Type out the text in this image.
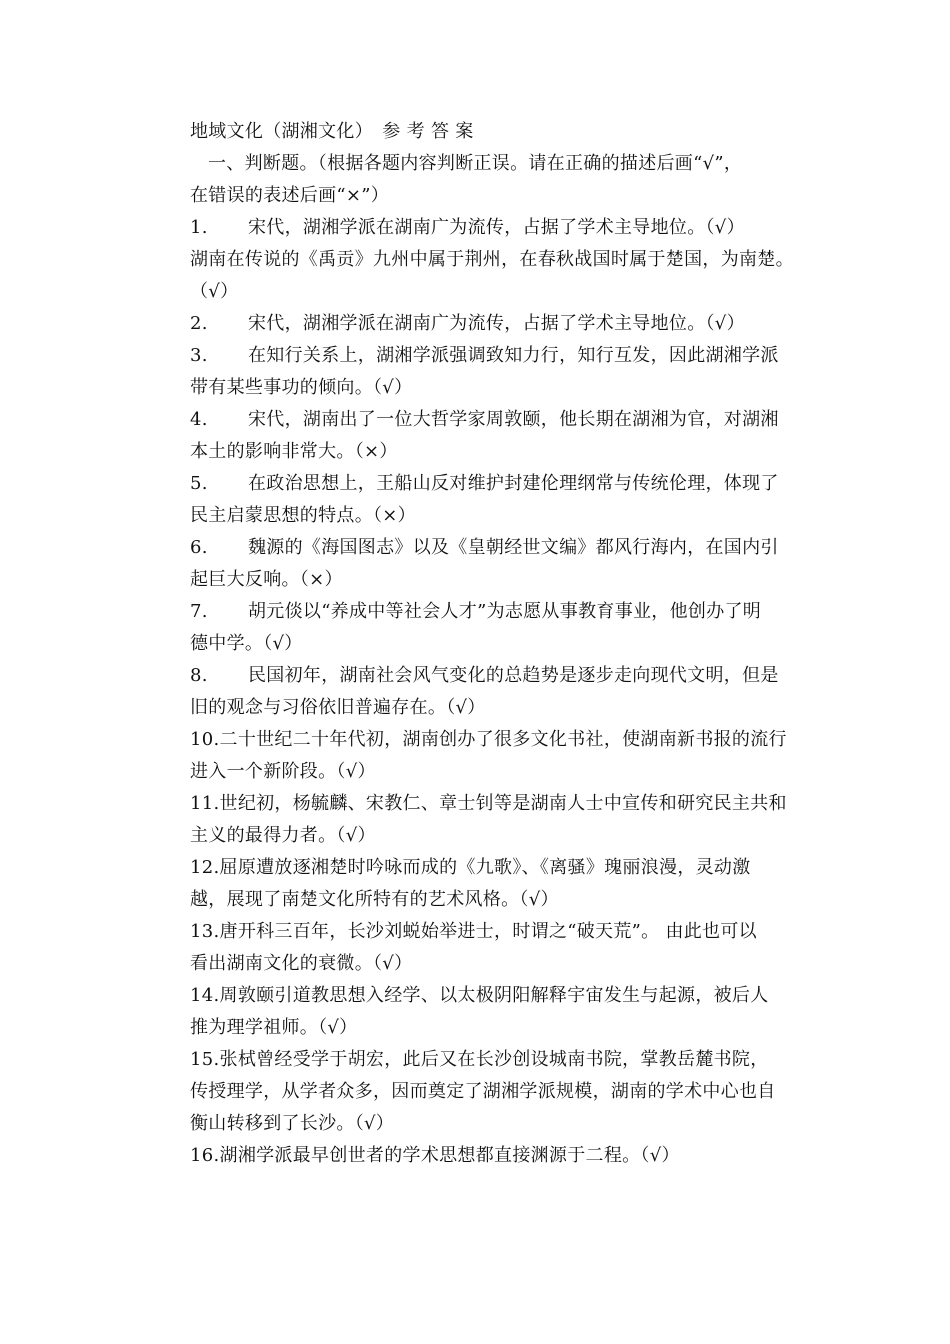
地域文化（湖湘文化）　参 考 答 案
一、判断题。（根据各题内容判断正误。请在正确的描述后画“√”，
在错误的表述后画“×”）
1. 宋代，湖湘学派在湖南广为流传，占据了学术主导地位。（√）
湖南在传说的《禹贡》九州中属于荆州，在春秋战国时属于楚国，为南楚。
（√）
2. 宋代，湖湘学派在湖南广为流传，占据了学术主导地位。（√）
3. 在知行关系上，湖湘学派强调致知力行，知行互发，因此湖湘学派
带有某些事功的倾向。（√）
4. 宋代，湖南出了一位大哲学家周敦颐，他长期在湖湘为官，对湖湘
本土的影响非常大。（×）
5. 在政治思想上，王船山反对维护封建伦理纲常与传统伦理，体现了
民主启蒙思想的特点。（×）
6. 魏源的《海国图志》以及《皇朝经世文编》都风行海内，在国内引
起巨大反响。（×）
7. 胡元倓以“养成中等社会人才”为志愿从事教育事业，他创办了明
德中学。（√）
8. 民国初年，湖南社会风气变化的总趋势是逐步走向现代文明，但是
旧的观念与习俗依旧普遍存在。（√）
10.二十世纪二十年代初，湖南创办了很多文化书社，使湖南新书报的流行
进入一个新阶段。（√）
11.世纪初，杨毓麟、宋教仁、章士钊等是湖南人士中宣传和研究民主共和
主义的最得力者。（√）
12.屈原遭放逐湘楚时吟咏而成的《九歌》、《离骚》瑰丽浪漫，灵动激
越，展现了南楚文化所特有的艺术风格。（√）
13.唐开科三百年，长沙刘蜕始举进士，时谓之“破天荒”。 由此也可以
看出湖南文化的衰微。（√）
14.周敦颐引道教思想入经学、以太极阴阳解释宇宙发生与起源，被后人
推为理学祖师。（√）
15.张栻曾经受学于胡宏，此后又在长沙创设城南书院，掌教岳麓书院，
传授理学，从学者众多，因而奠定了湖湘学派规模，湖南的学术中心也自
衡山转移到了长沙。（√）
16.湖湘学派最早创世者的学术思想都直接渊源于二程。（√）
